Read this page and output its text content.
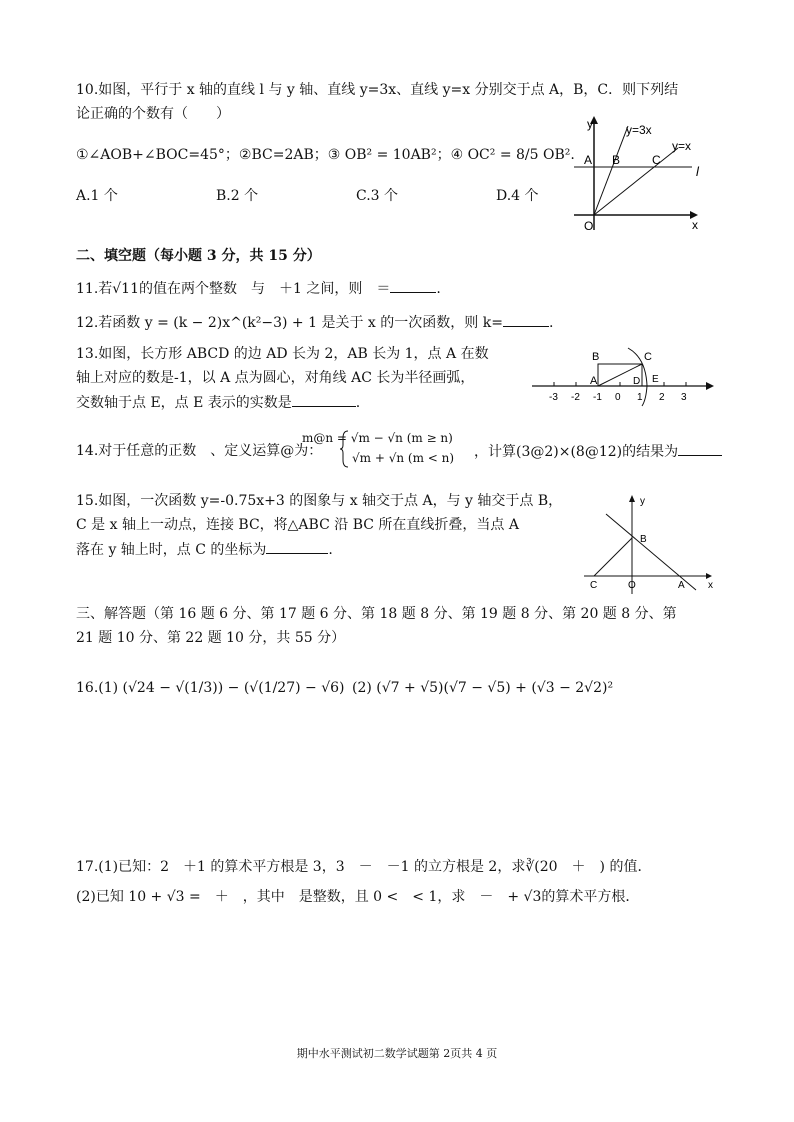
10.如图，平行于 x 轴的直线 l 与 y 轴、直线 y=3x、直线 y=x 分别交于点 A，B，C．则下列结
论正确的个数有（　　）
①∠AOB+∠BOC=45°；②BC=2AB；③ OB² = 10AB²；④ OC² = 8/5 OB².
A.1 个	B.2 个	C.3 个	D.4 个
y	y=3x
y=x
A B	C
l
O	x
二、填空题（每小题 3 分，共 15 分）
11.若√11的值在两个整数　与　＋1 之间，则　＝	.
12.若函数 y = (k − 2)x^(k²−3) + 1 是关于 x 的一次函数，则 k=	.
13.如图，长方形 ABCD 的边 AD 长为 2，AB 长为 1，点 A 在数
轴上对应的数是-1，以 A 点为圆心，对角线 AC 长为半径画弧，
交数轴于点 E，点 E 表示的实数是	.	-3 -2 -1 0 1 2 3
B	C
A	D E
14.对于任意的正数　、定义运算@为：
m@n = √m − √n (m ≥ n)
√m + √n (m < n) ，计算(3@2)×(8@12)的结果为
15.如图，一次函数 y=-0.75x+3 的图象与 x 轴交于点 A，与 y 轴交于点 B，
C 是 x 轴上一动点，连接 BC，将△ABC 沿 BC 所在直线折叠，当点 A
落在 y 轴上时，点 C 的坐标为	.
y
B
C	O	A x
三、解答题（第 16 题 6 分、第 17 题 6 分、第 18 题 8 分、第 19 题 8 分、第 20 题 8 分、第
21 题 10 分、第 22 题 10 分，共 55 分）
16.(1) (√24 − √(1/3)) − (√(1/27) − √6) (2) (√7 + √5)(√7 − √5) + (√3 − 2√2)²
17.(1)已知：2　＋1 的算术平方根是 3，3　－　－1 的立方根是 2，求∛(20　＋　) 的值．
(2)已知 10 + √3 =　＋　，其中　是整数，且 0 <　< 1，求　－　+ √3的算术平方根．
期中水平测试初二数学试题第 2页共 4 页
